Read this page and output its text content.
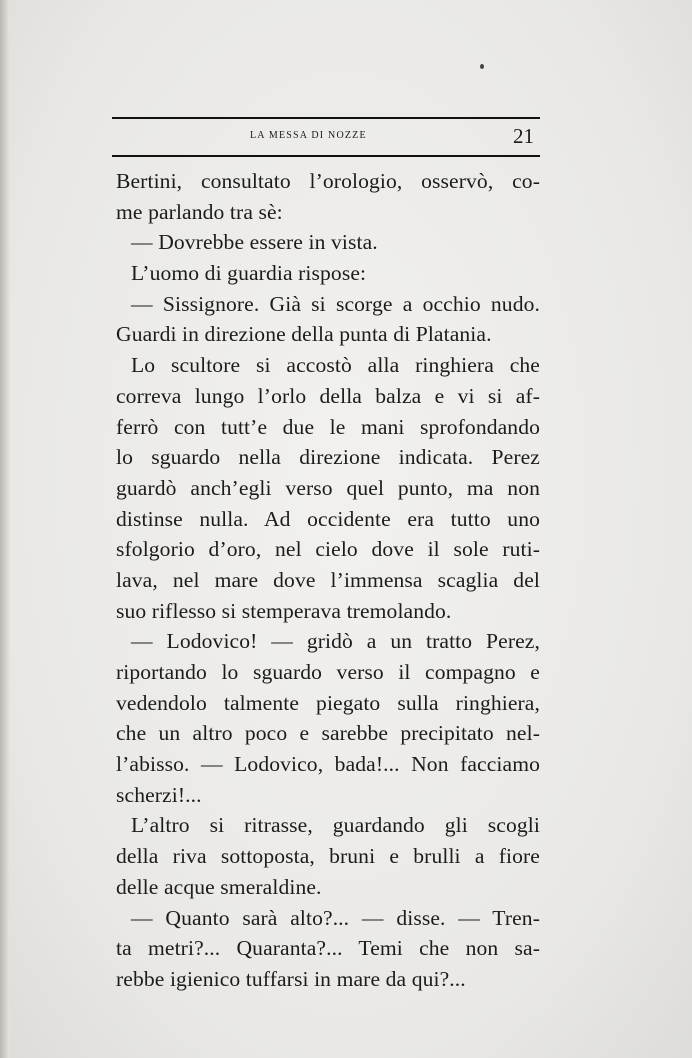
LA MESSA DI NOZZE	21
Bertini, consultato l’orologio, osservò, co-
me parlando tra sè:
— Dovrebbe essere in vista.
L’uomo di guardia rispose:
— Sissignore. Già si scorge a occhio nudo.
Guardi in direzione della punta di Platania.
Lo scultore si accostò alla ringhiera che
correva lungo l’orlo della balza e vi si af-
ferrò con tutt’e due le mani sprofondando
lo sguardo nella direzione indicata. Perez
guardò anch’egli verso quel punto, ma non
distinse nulla. Ad occidente era tutto uno
sfolgorio d’oro, nel cielo dove il sole ruti-
lava, nel mare dove l’immensa scaglia del
suo riflesso si stemperava tremolando.
— Lodovico! — gridò a un tratto Perez,
riportando lo sguardo verso il compagno e
vedendolo talmente piegato sulla ringhiera,
che un altro poco e sarebbe precipitato nel-
l’abisso. — Lodovico, bada!... Non facciamo
scherzi!...
L’altro si ritrasse, guardando gli scogli
della riva sottoposta, bruni e brulli a fiore
delle acque smeraldine.
— Quanto sarà alto?... — disse. — Tren-
ta metri?... Quaranta?... Temi che non sa-
rebbe igienico tuffarsi in mare da qui?...
